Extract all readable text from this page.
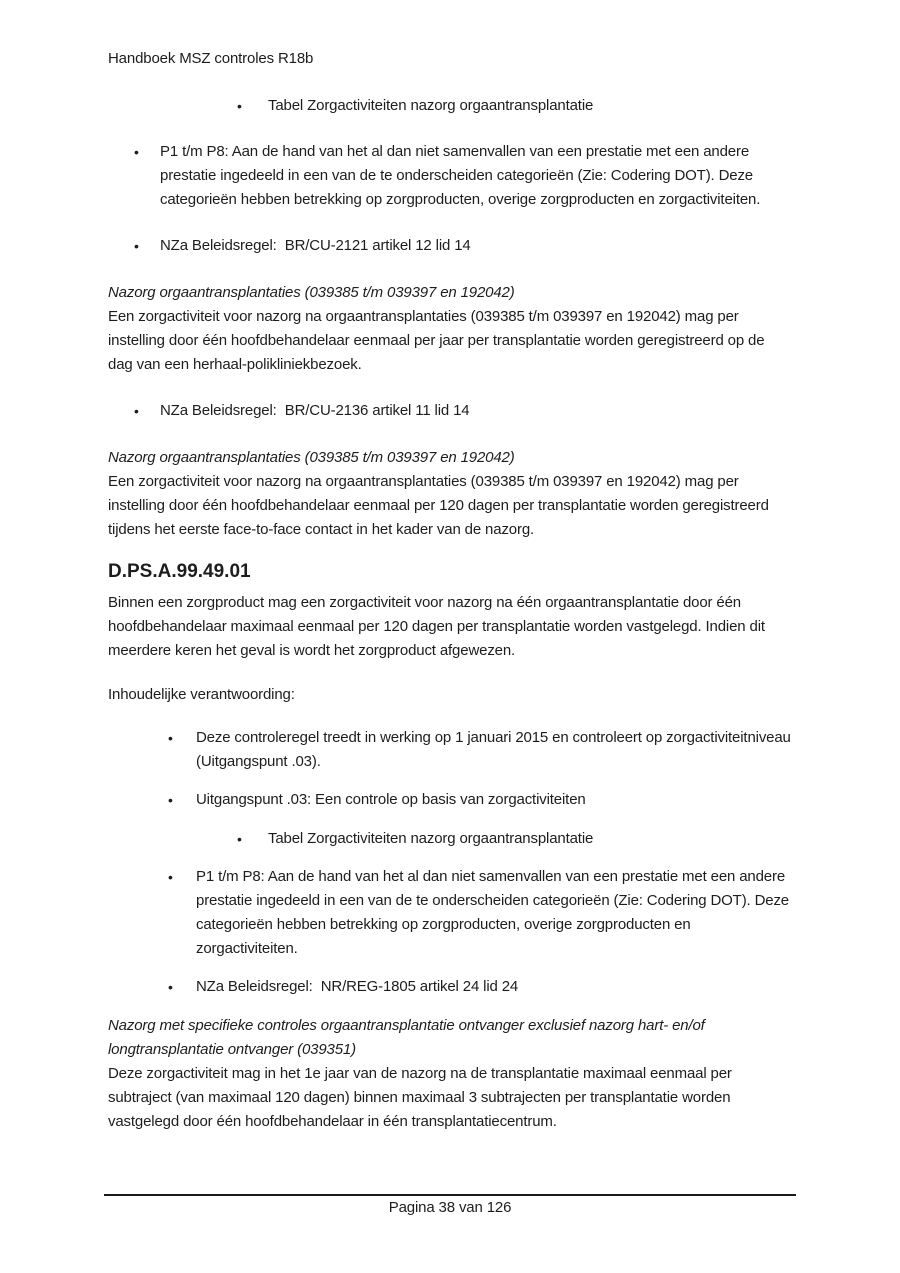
Handboek MSZ controles R18b
•	Tabel Zorgactiviteiten nazorg orgaantransplantatie
•	P1 t/m P8: Aan de hand van het al dan niet samenvallen van een prestatie met een andere prestatie ingedeeld in een van de te onderscheiden categorieën (Zie: Codering DOT). Deze categorieën hebben betrekking op zorgproducten, overige zorgproducten en zorgactiviteiten.
•	NZa Beleidsregel:  BR/CU-2121 artikel 12 lid 14
Nazorg orgaantransplantaties (039385 t/m 039397 en 192042)
Een zorgactiviteit voor nazorg na orgaantransplantaties (039385 t/m 039397 en 192042) mag per instelling door één hoofdbehandelaar eenmaal per jaar per transplantatie worden geregistreerd op de dag van een herhaal-polikliniekbezoek.
•	NZa Beleidsregel:  BR/CU-2136 artikel 11 lid 14
Nazorg orgaantransplantaties (039385 t/m 039397 en 192042)
Een zorgactiviteit voor nazorg na orgaantransplantaties (039385 t/m 039397 en 192042) mag per instelling door één hoofdbehandelaar eenmaal per 120 dagen per transplantatie worden geregistreerd tijdens het eerste face-to-face contact in het kader van de nazorg.
D.PS.A.99.49.01
Binnen een zorgproduct mag een zorgactiviteit voor nazorg na één orgaantransplantatie door één hoofdbehandelaar maximaal eenmaal per 120 dagen per transplantatie worden vastgelegd. Indien dit meerdere keren het geval is wordt het zorgproduct afgewezen.
Inhoudelijke verantwoording:
•	Deze controleregel treedt in werking op 1 januari 2015 en controleert op zorgactiviteitniveau (Uitgangspunt .03).
•	Uitgangspunt .03: Een controle op basis van zorgactiviteiten
•	Tabel Zorgactiviteiten nazorg orgaantransplantatie
•	P1 t/m P8: Aan de hand van het al dan niet samenvallen van een prestatie met een andere prestatie ingedeeld in een van de te onderscheiden categorieën (Zie: Codering DOT). Deze categorieën hebben betrekking op zorgproducten, overige zorgproducten en zorgactiviteiten.
•	NZa Beleidsregel:  NR/REG-1805 artikel 24 lid 24
Nazorg met specifieke controles orgaantransplantatie ontvanger exclusief nazorg hart- en/of longtransplantatie ontvanger (039351)
Deze zorgactiviteit mag in het 1e jaar van de nazorg na de transplantatie maximaal eenmaal per subtraject (van maximaal 120 dagen) binnen maximaal 3 subtrajecten per transplantatie worden vastgelegd door één hoofdbehandelaar in één transplantatiecentrum.
Pagina 38 van 126
